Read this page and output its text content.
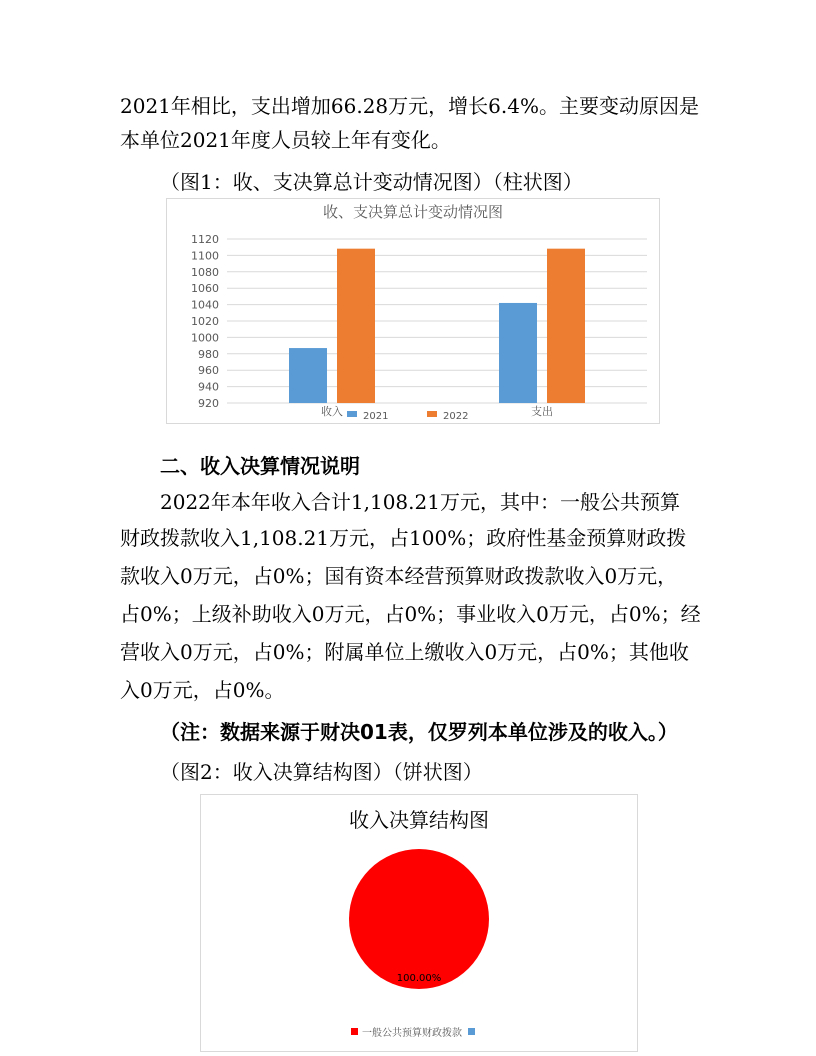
2021年相比，支出增加66.28万元，增长6.4%。主要变动原因是
本单位2021年度人员较上年有变化。
（图1：收、支决算总计变动情况图）（柱状图）
收、支决算总计变动情况图
920
940
960
980
1000
1020
1040
1060
1080
1100
1120
收入	支出
2021	2022
二、收入决算情况说明
2022年本年收入合计1,108.21万元，其中：一般公共预算
财政拨款收入1,108.21万元，占100%；政府性基金预算财政拨
款收入0万元，占0%；国有资本经营预算财政拨款收入0万元，
占0%；上级补助收入0万元，占0%；事业收入0万元，占0%；经
营收入0万元，占0%；附属单位上缴收入0万元，占0%；其他收
入0万元，占0%。
（注：数据来源于财决01表，仅罗列本单位涉及的收入。）
（图2：收入决算结构图）（饼状图）
收入决算结构图
100.00%
一般公共预算财政拨款
